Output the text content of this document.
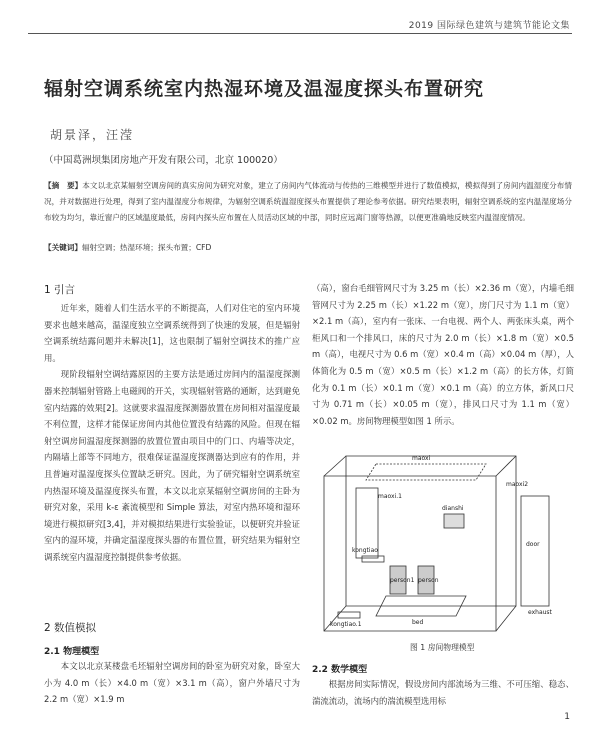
2019 国际绿色建筑与建筑节能论文集
辐射空调系统室内热湿环境及温湿度探头布置研究
胡景泽，汪滢
（中国葛洲坝集团房地产开发有限公司，北京 100020）
【摘　要】本文以北京某辐射空调房间的真实房间为研究对象，建立了房间内气体流动与传热的三维模型并进行了数值模拟，模拟得到了房间内温湿度分布情况，并对数据进行处理，得到了室内温湿度分布规律，为辐射空调系统温湿度探头布置提供了理论参考依据。研究结果表明，辐射空调系统的室内温湿度场分布较为均匀，靠近窗户的区域温度最低，房间内探头应布置在人员活动区域的中部，同时应远离门窗等热源，以便更准确地反映室内温湿度情况。
【关键词】辐射空调；热湿环境；探头布置；CFD
1 引言

近年来，随着人们生活水平的不断提高，人们对住宅的室内环境要求也越来越高，温湿度独立空调系统得到了快速的发展，但是辐射空调系统结露问题并未解决[1]，这也限制了辐射空调技术的推广应用。

现阶段辐射空调结露原因的主要方法是通过房间内的温湿度探测器来控制辐射管路上电磁阀的开关，实现辐射管路的通断，达到避免室内结露的效果[2]。这就要求温湿度探测器放置在房间相对温湿度最不利位置，这样才能保证房间内其他位置没有结露的风险。但现在辐射空调房间温湿度探测器的放置位置由项目中的门口、内墙等决定，内隔墙上部等不同地方，很难保证温湿度探测器达到应有的作用，并且普遍对温湿度探头位置缺乏研究。因此，为了研究辐射空调系统室内热湿环境及温湿度探头布置，本文以北京某辐射空调房间的主卧为研究对象，采用 k-ε 紊流模型和 Simple 算法，对室内热环境和湿环境进行模拟研究[3,4]，并对模拟结果进行实验验证，以便研究并验证室内的湿环境，并确定温湿度探头器的布置位置，研究结果为辐射空调系统室内温湿度控制提供参考依据。

2 数值模拟
2.1 物理模型

本文以北京某楼盘毛坯辐射空调房间的卧室为研究对象，卧室大小为 4.0 m（长）×4.0 m（宽）×3.1 m（高），窗户外墙尺寸为 2.2 m（宽）×1.9 m

（高），窗台毛细管网尺寸为 3.25 m（长）×2.36 m（宽），内墙毛细管网尺寸为 2.25 m（长）×1.22 m（宽），房门尺寸为 1.1 m（宽）×2.1 m（高），室内有一张床、一台电视、两个人、两张床头桌，两个柜风口和一个排风口，床的尺寸为 2.0 m（长）×1.8 m（宽）×0.5 m（高），电视尺寸为 0.6 m（宽）×0.4 m（高）×0.04 m（厚），人体简化为 0.5 m（宽）×0.5 m（长）×1.2 m（高）的长方体，灯简化为 0.1 m（长）×0.1 m（宽）×0.1 m（高）的立方体，新风口尺寸为 0.71 m（长）×0.05 m（宽），排风口尺寸为 1.1 m（宽）×0.02 m。房间物理模型如图 1 所示。

maoxi
maoxi.1
maoxi2
door
dianshi
kongtiao
person1 person
bed
kongtiao.1
exhaust
图 1 房间物理模型
2.2 数学模型

根据房间实际情况，假设房间内部流场为三维、不可压缩、稳态、湍流流动，流场内的湍流模型选用标

1
